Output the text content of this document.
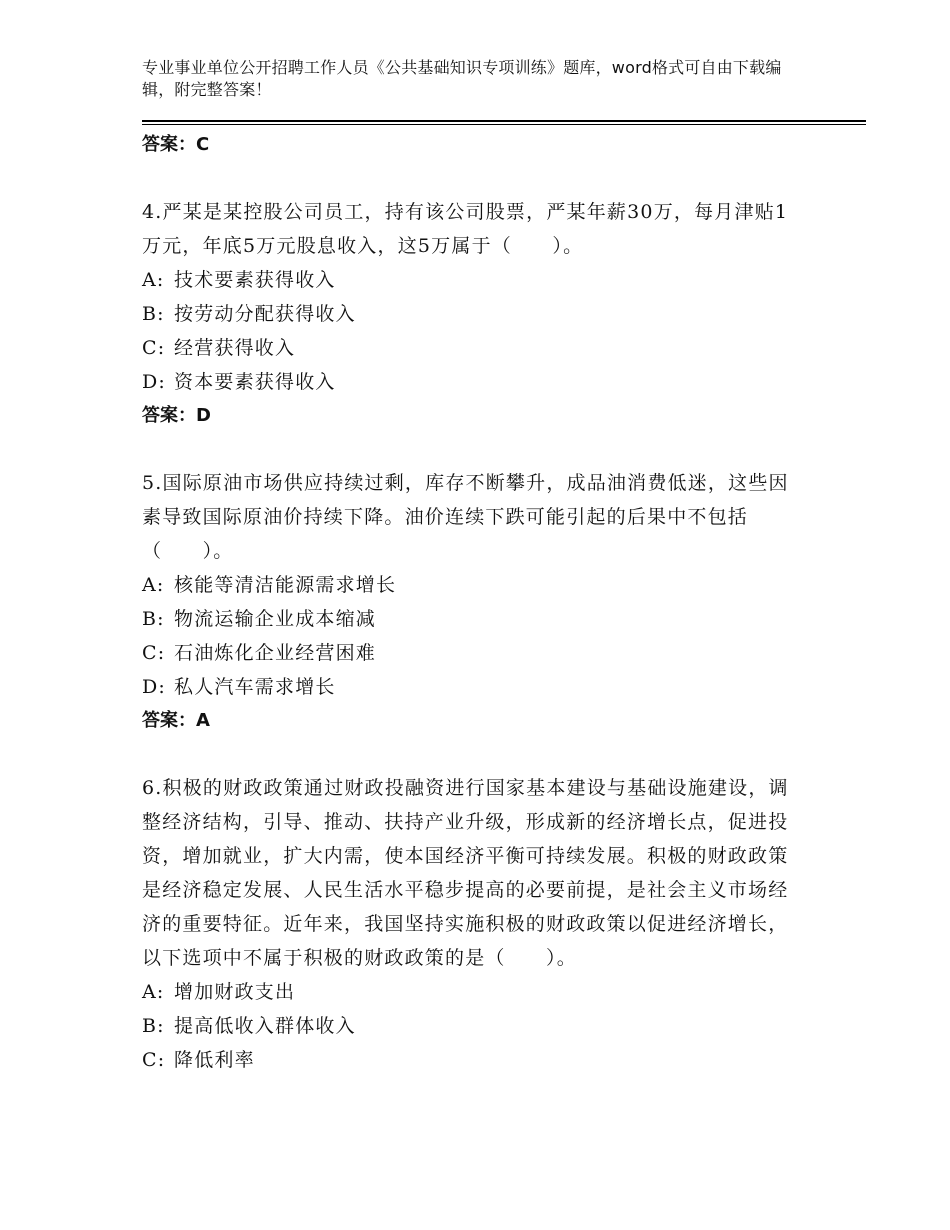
专业事业单位公开招聘工作人员《公共基础知识专项训练》题库，word格式可自由下载编辑，附完整答案！
答案：C
4.严某是某控股公司员工，持有该公司股票，严某年薪30万，每月津贴1万元，年底5万元股息收入，这5万属于（　　）。
A: 技术要素获得收入
B: 按劳动分配获得收入
C: 经营获得收入
D: 资本要素获得收入
答案：D
5.国际原油市场供应持续过剩，库存不断攀升，成品油消费低迷，这些因素导致国际原油价持续下降。油价连续下跌可能引起的后果中不包括（　　）。
A: 核能等清洁能源需求增长
B: 物流运输企业成本缩减
C: 石油炼化企业经营困难
D: 私人汽车需求增长
答案：A
6.积极的财政政策通过财政投融资进行国家基本建设与基础设施建设，调整经济结构，引导、推动、扶持产业升级，形成新的经济增长点，促进投资，增加就业，扩大内需，使本国经济平衡可持续发展。积极的财政政策是经济稳定发展、人民生活水平稳步提高的必要前提，是社会主义市场经济的重要特征。近年来，我国坚持实施积极的财政政策以促进经济增长，以下选项中不属于积极的财政政策的是（　　）。
A: 增加财政支出
B: 提高低收入群体收入
C: 降低利率
